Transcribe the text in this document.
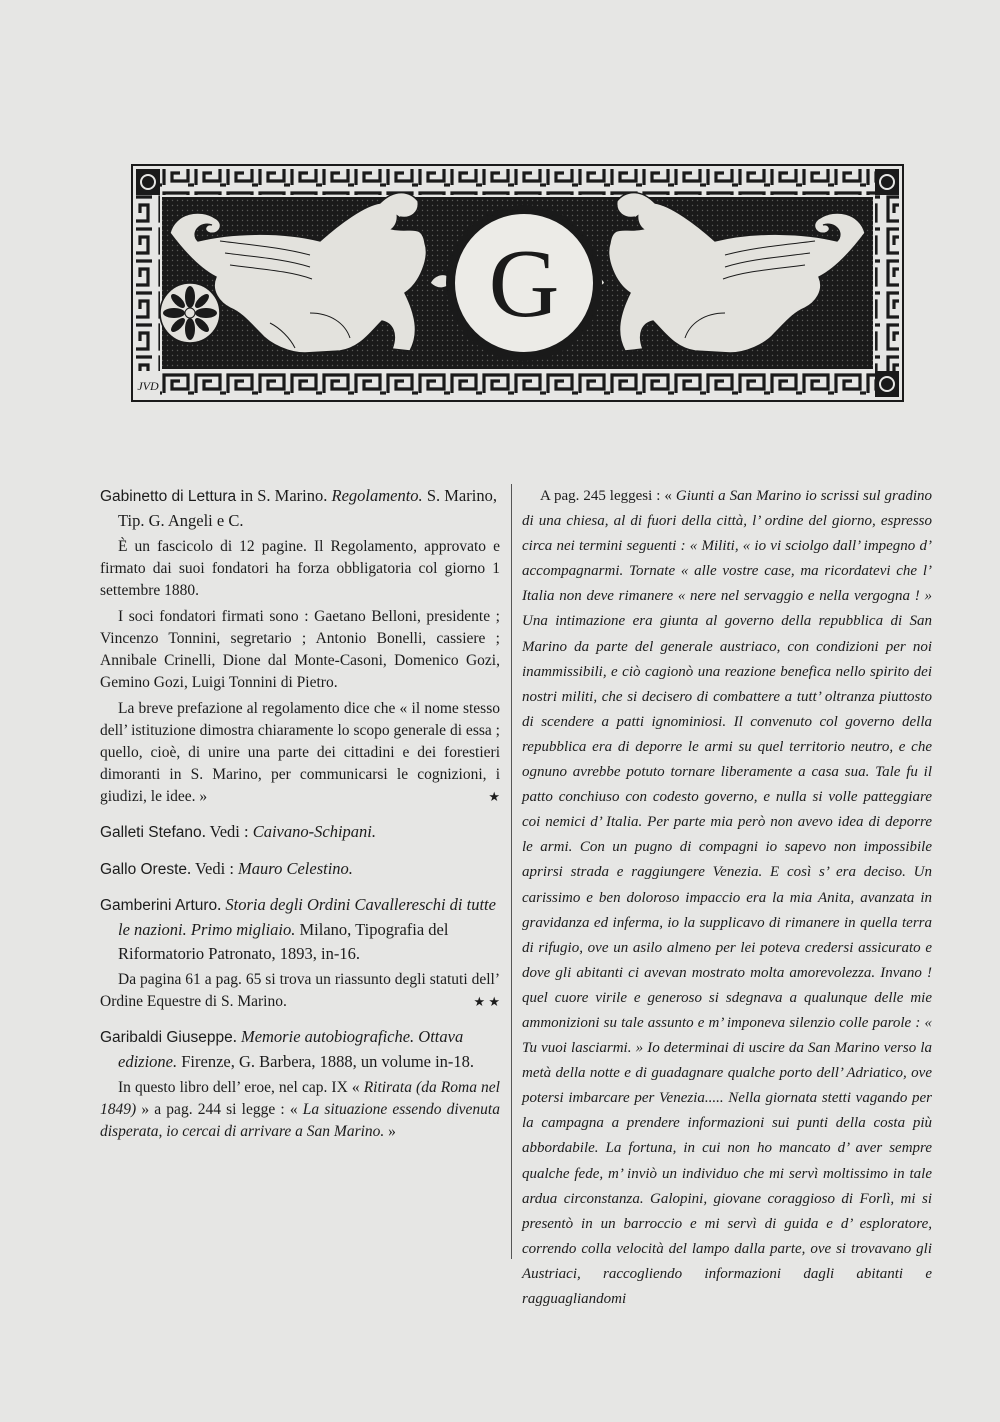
G
JVD
Gabinetto di Lettura in S. Marino. Regolamento. S. Marino, Tip. G. Angeli e C.

È un fascicolo di 12 pagine. Il Regolamento, approvato e firmato dai suoi fondatori ha forza obbligatoria col giorno 1 settembre 1880.

I soci fondatori firmati sono : Gaetano Belloni, presidente ; Vincenzo Tonnini, segretario ; Antonio Bonelli, cassiere ; Annibale Crinelli, Dione dal Monte-Casoni, Domenico Gozi, Gemino Gozi, Luigi Tonnini di Pietro.

La breve prefazione al regolamento dice che « il nome stesso dell’ istituzione dimostra chiaramente lo scopo generale di essa ; quello, cioè, di unire una parte dei cittadini e dei forestieri dimoranti in S. Marino, per communicarsi le cognizioni, i giudizi, le idee. »	★

Galleti Stefano. Vedi : Caivano-Schipani.
Gallo Oreste. Vedi : Mauro Celestino.
Gamberini Arturo. Storia degli Ordini Cavallereschi di tutte le nazioni. Primo migliaio. Milano, Tipografia del Riformatorio Patronato, 1893, in-16.

Da pagina 61 a pag. 65 si trova un riassunto degli statuti dell’ Ordine Equestre di S. Marino.	★ ★

Garibaldi Giuseppe. Memorie autobiografiche. Ottava edizione. Firenze, G. Barbera, 1888, un volume in-18.

In questo libro dell’ eroe, nel cap. IX « Ritirata (da Roma nel 1849) » a pag. 244 si legge : « La situazione essendo divenuta disperata, io cercai di arrivare a San Marino. »

A pag. 245 leggesi : « Giunti a San Marino io scrissi sul gradino di una chiesa, al di fuori della città, l’ ordine del giorno, espresso circa nei termini seguenti : « Militi, « io vi sciolgo dall’ impegno d’ accompagnarmi. Tornate « alle vostre case, ma ricordatevi che l’ Italia non deve rimanere « nere nel servaggio e nella vergogna ! » Una intimazione era giunta al governo della repubblica di San Marino da parte del generale austriaco, con condizioni per noi inammissibili, e ciò cagionò una reazione benefica nello spirito dei nostri militi, che si decisero di combattere a tutt’ oltranza piuttosto di scendere a patti ignominiosi. Il convenuto col governo della repubblica era di deporre le armi su quel territorio neutro, e che ognuno avrebbe potuto tornare liberamente a casa sua. Tale fu il patto conchiuso con codesto governo, e nulla si volle patteggiare coi nemici d’ Italia. Per parte mia però non avevo idea di deporre le armi. Con un pugno di compagni io sapevo non impossibile aprirsi strada e raggiungere Venezia. E così s’ era deciso. Un carissimo e ben doloroso impaccio era la mia Anita, avanzata in gravidanza ed inferma, io la supplicavo di rimanere in quella terra di rifugio, ove un asilo almeno per lei poteva credersi assicurato e dove gli abitanti ci avevan mostrato molta amorevolezza. Invano ! quel cuore virile e generoso si sdegnava a qualunque delle mie ammonizioni su tale assunto e m’ imponeva silenzio colle parole : « Tu vuoi lasciarmi. » Io determinai di uscire da San Marino verso la metà della notte e di guadagnare qualche porto dell’ Adriatico, ove potersi imbarcare per Venezia..... Nella giornata stetti vagando per la campagna a prendere informazioni sui punti della costa più abbordabile. La fortuna, in cui non ho mancato d’ aver sempre qualche fede, m’ inviò un individuo che mi servì moltissimo in tale ardua circonstanza. Galopini, giovane coraggioso di Forlì, mi si presentò in un barroccio e mi servì di guida e d’ esploratore, correndo colla velocità del lampo dalla parte, ove si trovavano gli Austriaci, raccogliendo informazioni dagli abitanti e ragguagliandomi
